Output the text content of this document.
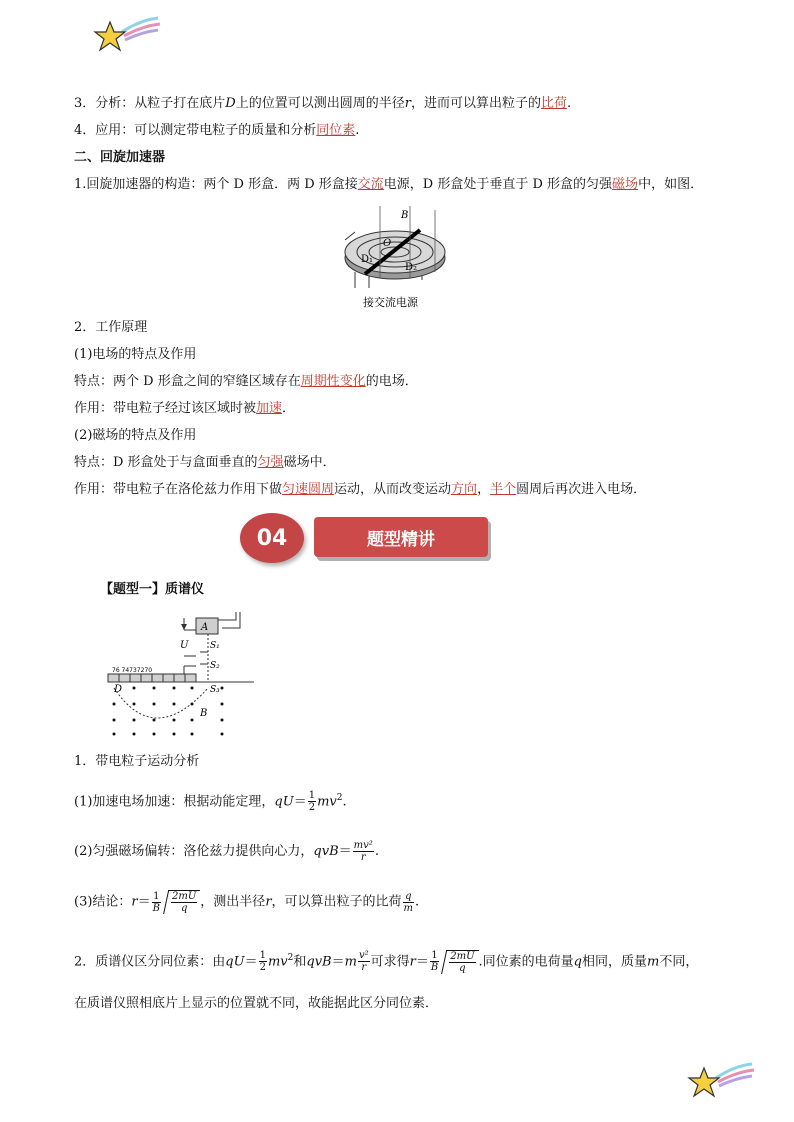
3．分析：从粒子打在底片D上的位置可以测出圆周的半径r，进而可以算出粒子的比荷.
4．应用：可以测定带电粒子的质量和分析同位素.
二、回旋加速器
1.回旋加速器的构造：两个 D 形盒．两 D 形盒接交流电源，D 形盒处于垂直于 D 形盒的匀强磁场中，如图．
B
O
D₁
D₂
接交流电源
2．工作原理
(1)电场的特点及作用
特点：两个 D 形盒之间的窄缝区域存在周期性变化的电场．
作用：带电粒子经过该区域时被加速．
(2)磁场的特点及作用
特点：D 形盒处于与盒面垂直的匀强磁场中．
作用：带电粒子在洛伦兹力作用下做匀速圆周运动，从而改变运动方向，半个圆周后再次进入电场．
题型精讲
04
【题型一】质谱仪
A
U S₁
S₂
S₃
76 74737270
D
B
1．带电粒子运动分析
(1)加速电场加速：根据动能定理，$qU= \frac{1}{2} mv^2$.
(2)匀强磁场偏转：洛伦兹力提供向心力，$qvB= \frac{\text{mv²}}{r}$ .
(3)结论：$r= \frac{1}{B} \frac{2mU}{q}$ ，测出半径r，可以算出粒子的比荷 $\frac{q}{m}$ .
2．质谱仪区分同位素：由$qU= \frac{1}{2} mv^2$和$qvB=m \frac{\text{v²}}{r}$ 可求得$r= \frac{1}{B} \frac{2mU}{q}$ .同位素的电荷量q相同，质量m不同，
在质谱仪照相底片上显示的位置就不同，故能据此区分同位素．
